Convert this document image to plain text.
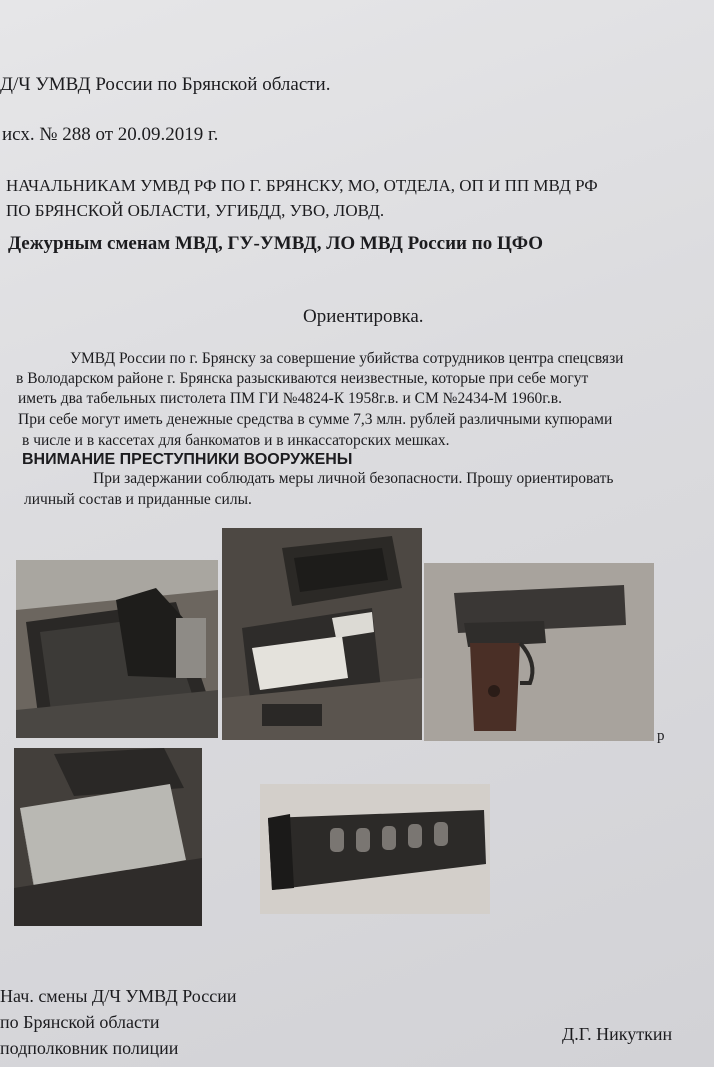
Д/Ч УМВД России по Брянской области.
исх. № 288 от 20.09.2019 г.
НАЧАЛЬНИКАМ УМВД РФ ПО Г. БРЯНСКУ, МО, ОТДЕЛА, ОП И ПП МВД РФ
ПО БРЯНСКОЙ ОБЛАСТИ, УГИБДД, УВО, ЛОВД.
Дежурным сменам МВД, ГУ-УМВД, ЛО МВД России по ЦФО
Ориентировка.
УМВД России по г. Брянску за совершение убийства сотрудников центра спецсвязи
в Володарском районе г. Брянска разыскиваются неизвестные, которые при себе могут
иметь два табельных пистолета ПМ ГИ №4824-К 1958г.в. и СМ №2434-М 1960г.в.
При себе могут иметь денежные средства в сумме 7,3 млн. рублей различными купюрами
в числе и в кассетах для банкоматов и в инкассаторских мешках.
ВНИМАНИЕ ПРЕСТУПНИКИ ВООРУЖЕНЫ
При задержании соблюдать меры личной безопасности. Прошу ориентировать
личный состав и приданные силы.
р
Нач. смены Д/Ч УМВД России
по Брянской области
подполковник полиции
Д.Г. Никуткин
